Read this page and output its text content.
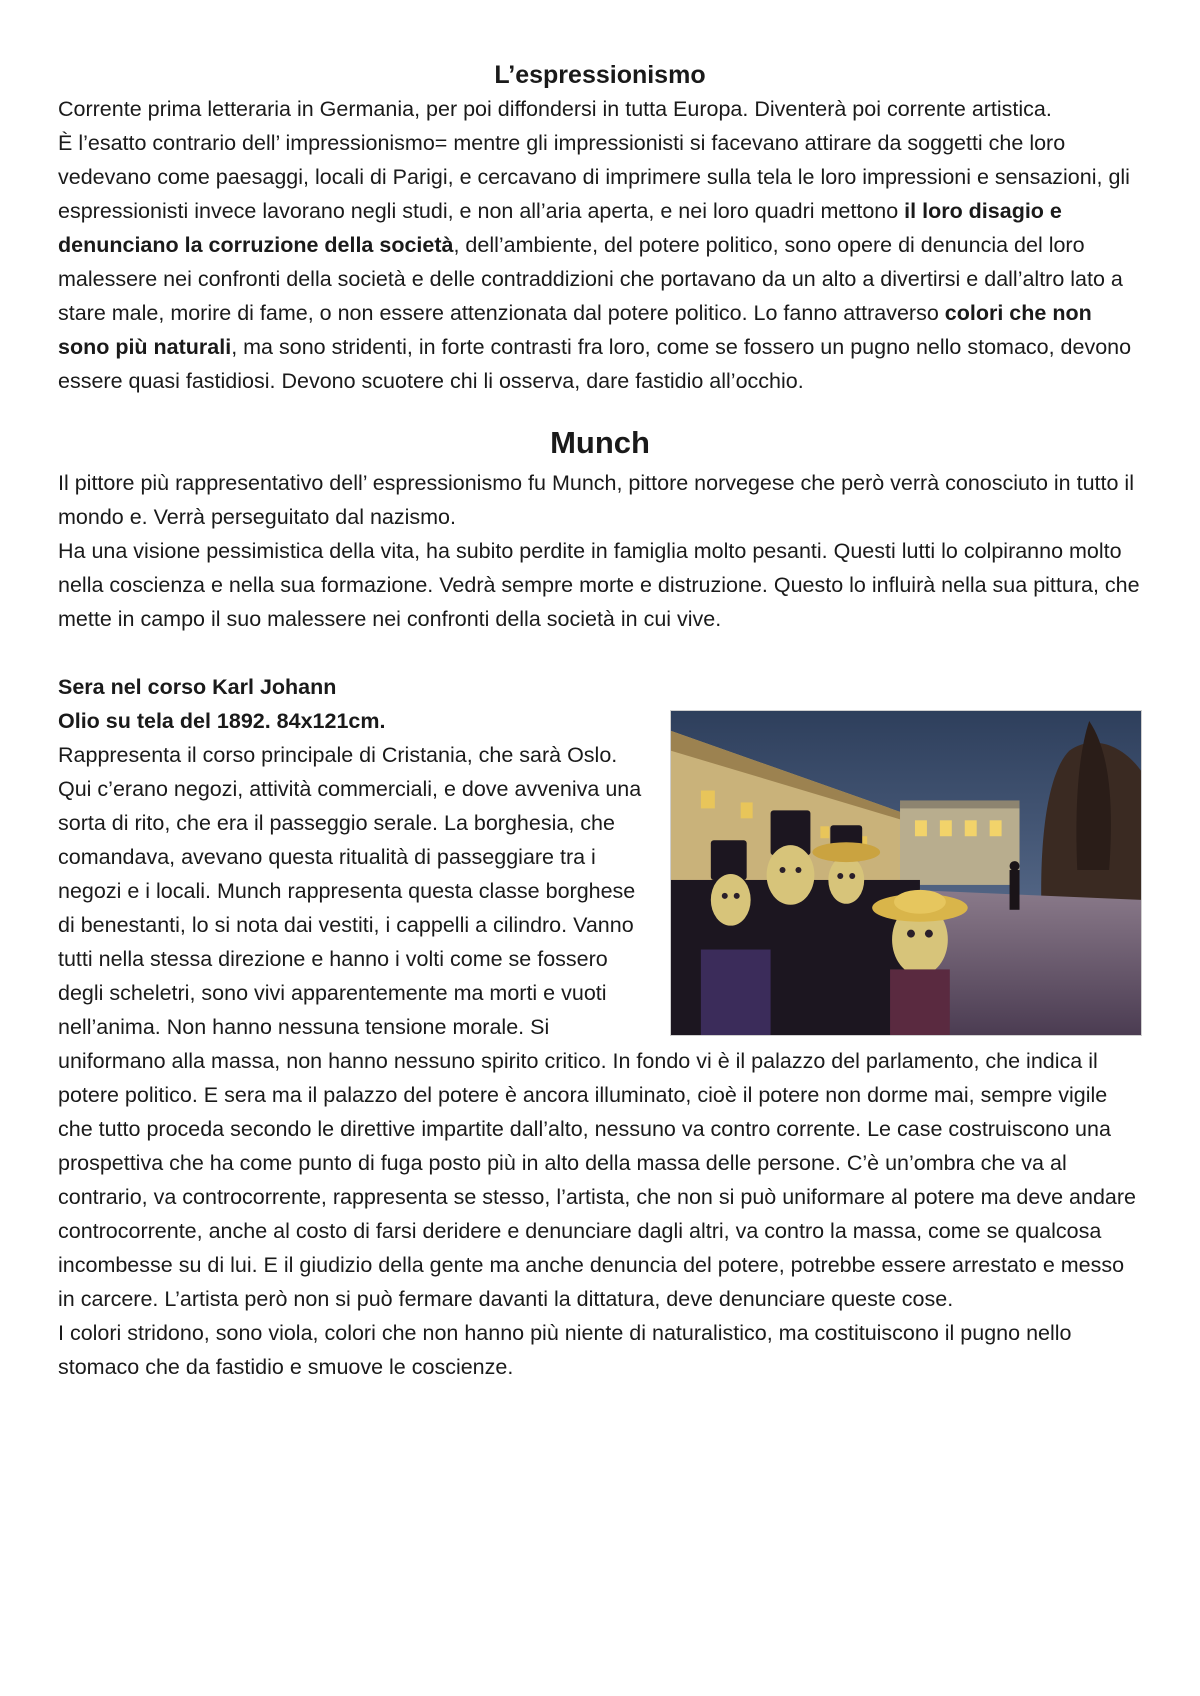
L’espressionismo

Corrente prima letteraria in Germania, per poi diffondersi in tutta Europa. Diventerà poi corrente artistica.

È l’esatto contrario dell’ impressionismo= mentre gli impressionisti si facevano attirare da soggetti che loro vedevano come paesaggi, locali di Parigi, e cercavano di imprimere sulla tela le loro impressioni e sensazioni, gli espressionisti invece lavorano negli studi, e non all’aria aperta, e nei loro quadri mettono il loro disagio e denunciano la corruzione della società, dell’ambiente, del potere politico, sono opere di denuncia del loro malessere nei confronti della società e delle contraddizioni che portavano da un alto a divertirsi e dall’altro lato a stare male, morire di fame, o non essere attenzionata dal potere politico. Lo fanno attraverso colori che non sono più naturali, ma sono stridenti, in forte contrasti fra loro, come se fossero un pugno nello stomaco, devono essere quasi fastidiosi. Devono scuotere chi li osserva, dare fastidio all’occhio.

Munch

Il pittore più rappresentativo dell’ espressionismo fu Munch, pittore norvegese che però verrà conosciuto in tutto il mondo e. Verrà perseguitato dal nazismo.

Ha una visione pessimistica della vita, ha subito perdite in famiglia molto pesanti. Questi lutti lo colpiranno molto nella coscienza e nella sua formazione. Vedrà sempre morte e distruzione. Questo lo influirà nella sua pittura, che mette in campo il suo malessere nei confronti della società in cui vive.

Sera nel corso Karl Johann

Olio su tela del 1892. 84x121cm.

Rappresenta il corso principale di Cristania, che sarà Oslo. Qui c’erano negozi, attività commerciali, e dove avveniva una sorta di rito, che era il passeggio serale. La borghesia, che comandava, avevano questa ritualità di passeggiare tra i negozi e i locali. Munch rappresenta questa classe borghese di benestanti, lo si nota dai vestiti, i cappelli a cilindro. Vanno tutti nella stessa direzione e hanno i volti come se fossero degli scheletri, sono vivi apparentemente ma morti e vuoti nell’anima. Non hanno nessuna tensione morale. Si uniformano alla massa, non hanno nessuno spirito critico. In fondo vi è il palazzo del parlamento, che indica il potere politico. E sera ma il palazzo del potere è ancora illuminato, cioè il potere non dorme mai, sempre vigile che tutto proceda secondo le direttive impartite dall’alto, nessuno va contro corrente. Le case costruiscono una prospettiva che ha come punto di fuga posto più in alto della massa delle persone. C’è un’ombra che va al contrario, va controcorrente, rappresenta se stesso, l’artista, che non si può uniformare al potere ma deve andare controcorrente, anche al costo di farsi deridere e denunciare dagli altri, va contro la massa, come se qualcosa incombesse su di lui. E il giudizio della gente ma anche denuncia del potere, potrebbe essere arrestato e messo in carcere. L’artista però non si può fermare davanti la dittatura, deve denunciare queste cose.

I colori stridono, sono viola, colori che non hanno più niente di naturalistico, ma costituiscono il pugno nello stomaco che da fastidio e smuove le coscienze.
